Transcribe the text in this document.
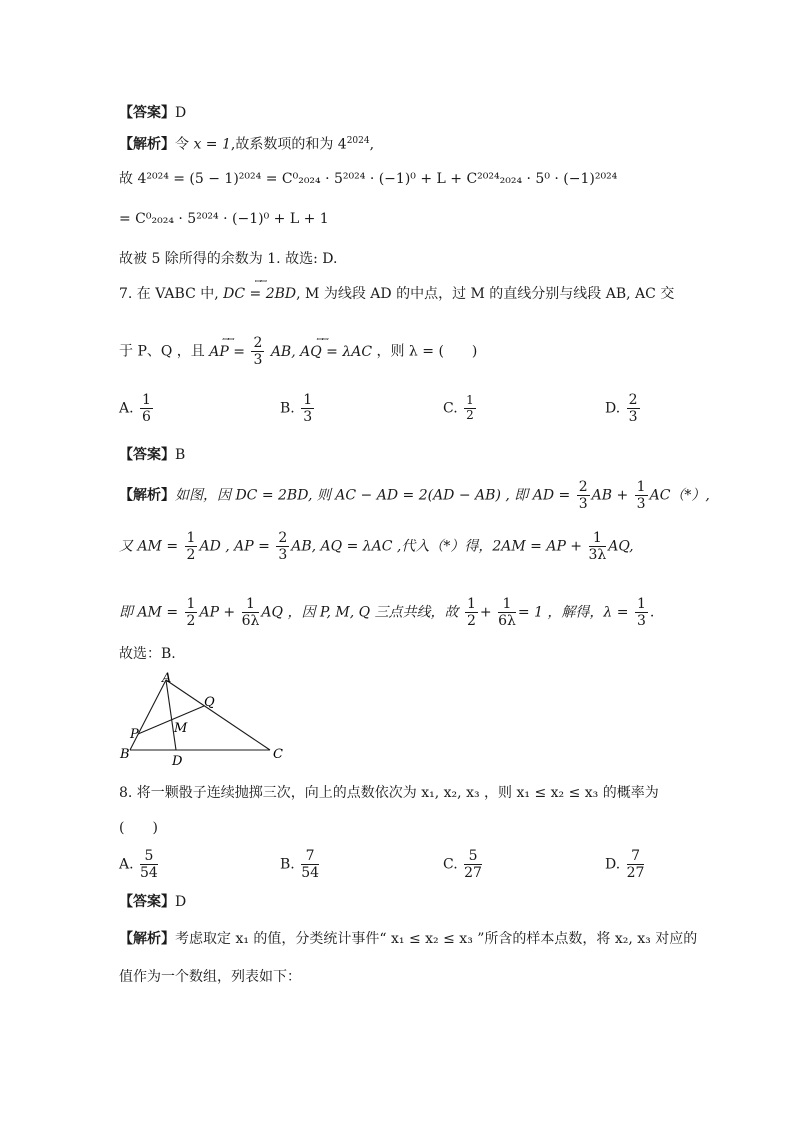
【答案】D
【解析】令 x = 1,故系数项的和为 $4^{2024}$,
故 4²⁰²⁴ = (5 − 1)²⁰²⁴ = C⁰₂₀₂₄ · 5²⁰²⁴ · (−1)⁰ + L + C²⁰²⁴₂₀₂₄ · 5⁰ · (−1)²⁰²⁴
= C⁰₂₀₂₄ · 5²⁰²⁴ · (−1)⁰ + L + 1
故被 5 除所得的余数为 1. 故选: D.
7. 在 VABC 中, ꟷꟷ DC = 2BD, M 为线段 AD 的中点，过 M 的直线分别与线段 AB, AC 交
于 P、Q ，且 ꟷꟷ AP = $\frac{2}{3}$ ꟷꟷ AB, AQ = λAC ，则 λ = (　　)
A. $\frac{1}{6}$	B. $\frac{1}{3}$	C. $\frac{1}{2}$	D. $\frac{2}{3}$
【答案】B
【解析】如图，因 DC = 2BD, 则 AC − AD = 2(AD − AB) , 即 AD = $\frac{2}{3}$ AB + $\frac{1}{3} AC(*)$,
又 AM = $\frac{1}{2}$ AD , AP = $\frac{2}{3}$ AB, AQ = λAC ,代入（*）得，2AM = AP + $\frac{1}{3\lambda}$ AQ,
即 AM = $\frac{1}{2}$ AP + $\frac{1}{6\lambda}$ AQ ，因 P, M, Q 三点共线，故 $\frac{1}{2} + \frac{1}{6\lambda} = 1$ ，解得，$\lambda = \frac{1}{3}$ .
故选：B.
A
B	C
D
P
Q
M
8. 将一颗骰子连续抛掷三次，向上的点数依次为 x₁, x₂, x₃ ，则 x₁ ≤ x₂ ≤ x₃ 的概率为
(　　)
A. $\frac{5}{54}$	B. $\frac{7}{54}$	C. $\frac{5}{27}$	D. $\frac{7}{27}$
【答案】D
【解析】考虑取定 x₁ 的值，分类统计事件“ x₁ ≤ x₂ ≤ x₃ ”所含的样本点数，将 x₂, x₃ 对应的
值作为一个数组，列表如下：
